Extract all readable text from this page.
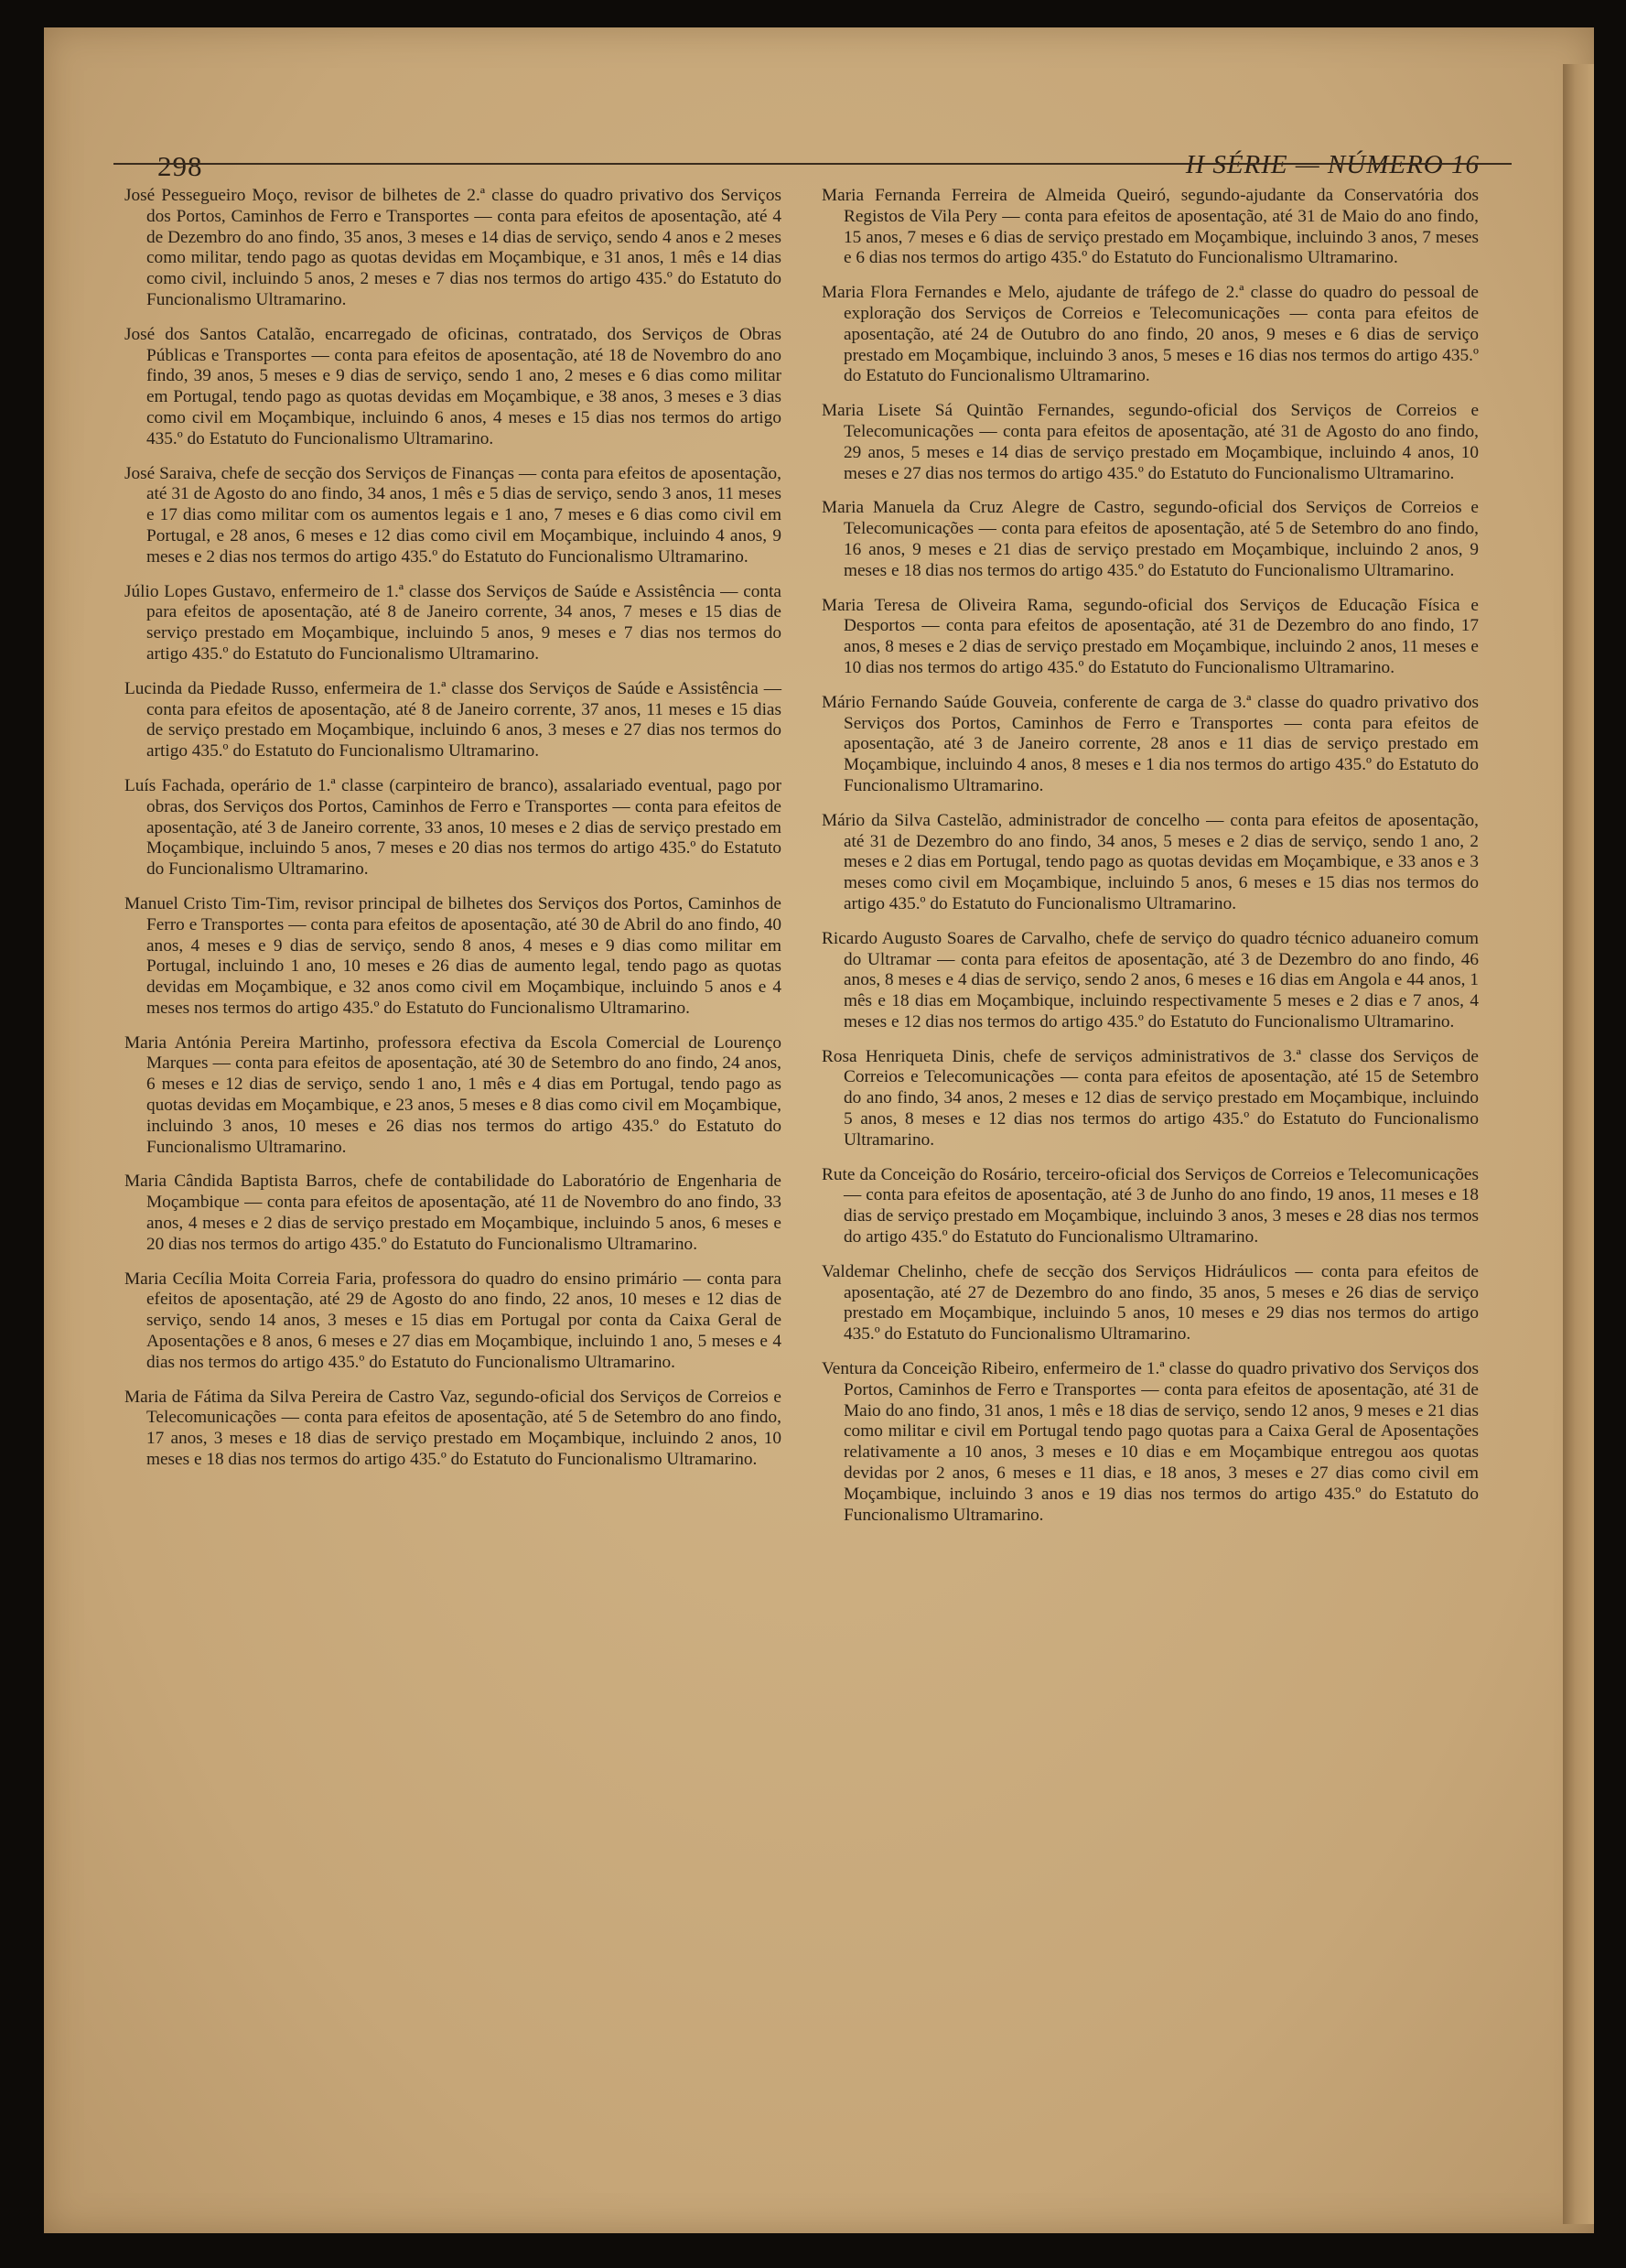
298	II SÉRIE — NÚMERO 16

José Pessegueiro Moço, revisor de bilhetes de 2.ª classe do quadro privativo dos Serviços dos Portos, Caminhos de Ferro e Transportes — conta para efeitos de aposentação, até 4 de Dezembro do ano findo, 35 anos, 3 meses e 14 dias de serviço, sendo 4 anos e 2 meses como militar, tendo pago as quotas devidas em Moçambique, e 31 anos, 1 mês e 14 dias como civil, incluindo 5 anos, 2 meses e 7 dias nos termos do artigo 435.º do Estatuto do Funcionalismo Ultramarino.

José dos Santos Catalão, encarregado de oficinas, contratado, dos Serviços de Obras Públicas e Transportes — conta para efeitos de aposentação, até 18 de Novembro do ano findo, 39 anos, 5 meses e 9 dias de serviço, sendo 1 ano, 2 meses e 6 dias como militar em Portugal, tendo pago as quotas devidas em Moçambique, e 38 anos, 3 meses e 3 dias como civil em Moçambique, incluindo 6 anos, 4 meses e 15 dias nos termos do artigo 435.º do Estatuto do Funcionalismo Ultramarino.

José Saraiva, chefe de secção dos Serviços de Finanças — conta para efeitos de aposentação, até 31 de Agosto do ano findo, 34 anos, 1 mês e 5 dias de serviço, sendo 3 anos, 11 meses e 17 dias como militar com os aumentos legais e 1 ano, 7 meses e 6 dias como civil em Portugal, e 28 anos, 6 meses e 12 dias como civil em Moçambique, incluindo 4 anos, 9 meses e 2 dias nos termos do artigo 435.º do Estatuto do Funcionalismo Ultramarino.

Júlio Lopes Gustavo, enfermeiro de 1.ª classe dos Serviços de Saúde e Assistência — conta para efeitos de aposentação, até 8 de Janeiro corrente, 34 anos, 7 meses e 15 dias de serviço prestado em Moçambique, incluindo 5 anos, 9 meses e 7 dias nos termos do artigo 435.º do Estatuto do Funcionalismo Ultramarino.

Lucinda da Piedade Russo, enfermeira de 1.ª classe dos Serviços de Saúde e Assistência — conta para efeitos de aposentação, até 8 de Janeiro corrente, 37 anos, 11 meses e 15 dias de serviço prestado em Moçambique, incluindo 6 anos, 3 meses e 27 dias nos termos do artigo 435.º do Estatuto do Funcionalismo Ultramarino.

Luís Fachada, operário de 1.ª classe (carpinteiro de branco), assalariado eventual, pago por obras, dos Serviços dos Portos, Caminhos de Ferro e Transportes — conta para efeitos de aposentação, até 3 de Janeiro corrente, 33 anos, 10 meses e 2 dias de serviço prestado em Moçambique, incluindo 5 anos, 7 meses e 20 dias nos termos do artigo 435.º do Estatuto do Funcionalismo Ultramarino.

Manuel Cristo Tim-Tim, revisor principal de bilhetes dos Serviços dos Portos, Caminhos de Ferro e Transportes — conta para efeitos de aposentação, até 30 de Abril do ano findo, 40 anos, 4 meses e 9 dias de serviço, sendo 8 anos, 4 meses e 9 dias como militar em Portugal, incluindo 1 ano, 10 meses e 26 dias de aumento legal, tendo pago as quotas devidas em Moçambique, e 32 anos como civil em Moçambique, incluindo 5 anos e 4 meses nos termos do artigo 435.º do Estatuto do Funcionalismo Ultramarino.

Maria Antónia Pereira Martinho, professora efectiva da Escola Comercial de Lourenço Marques — conta para efeitos de aposentação, até 30 de Setembro do ano findo, 24 anos, 6 meses e 12 dias de serviço, sendo 1 ano, 1 mês e 4 dias em Portugal, tendo pago as quotas devidas em Moçambique, e 23 anos, 5 meses e 8 dias como civil em Moçambique, incluindo 3 anos, 10 meses e 26 dias nos termos do artigo 435.º do Estatuto do Funcionalismo Ultramarino.

Maria Cândida Baptista Barros, chefe de contabilidade do Laboratório de Engenharia de Moçambique — conta para efeitos de aposentação, até 11 de Novembro do ano findo, 33 anos, 4 meses e 2 dias de serviço prestado em Moçambique, incluindo 5 anos, 6 meses e 20 dias nos termos do artigo 435.º do Estatuto do Funcionalismo Ultramarino.

Maria Cecília Moita Correia Faria, professora do quadro do ensino primário — conta para efeitos de aposentação, até 29 de Agosto do ano findo, 22 anos, 10 meses e 12 dias de serviço, sendo 14 anos, 3 meses e 15 dias em Portugal por conta da Caixa Geral de Aposentações e 8 anos, 6 meses e 27 dias em Moçambique, incluindo 1 ano, 5 meses e 4 dias nos termos do artigo 435.º do Estatuto do Funcionalismo Ultramarino.

Maria de Fátima da Silva Pereira de Castro Vaz, segundo-oficial dos Serviços de Correios e Telecomunicações — conta para efeitos de aposentação, até 5 de Setembro do ano findo, 17 anos, 3 meses e 18 dias de serviço prestado em Moçambique, incluindo 2 anos, 10 meses e 18 dias nos termos do artigo 435.º do Estatuto do Funcionalismo Ultramarino.

Maria Fernanda Ferreira de Almeida Queiró, segundo-ajudante da Conservatória dos Registos de Vila Pery — conta para efeitos de aposentação, até 31 de Maio do ano findo, 15 anos, 7 meses e 6 dias de serviço prestado em Moçambique, incluindo 3 anos, 7 meses e 6 dias nos termos do artigo 435.º do Estatuto do Funcionalismo Ultramarino.

Maria Flora Fernandes e Melo, ajudante de tráfego de 2.ª classe do quadro do pessoal de exploração dos Serviços de Correios e Telecomunicações — conta para efeitos de aposentação, até 24 de Outubro do ano findo, 20 anos, 9 meses e 6 dias de serviço prestado em Moçambique, incluindo 3 anos, 5 meses e 16 dias nos termos do artigo 435.º do Estatuto do Funcionalismo Ultramarino.

Maria Lisete Sá Quintão Fernandes, segundo-oficial dos Serviços de Correios e Telecomunicações — conta para efeitos de aposentação, até 31 de Agosto do ano findo, 29 anos, 5 meses e 14 dias de serviço prestado em Moçambique, incluindo 4 anos, 10 meses e 27 dias nos termos do artigo 435.º do Estatuto do Funcionalismo Ultramarino.

Maria Manuela da Cruz Alegre de Castro, segundo-oficial dos Serviços de Correios e Telecomunicações — conta para efeitos de aposentação, até 5 de Setembro do ano findo, 16 anos, 9 meses e 21 dias de serviço prestado em Moçambique, incluindo 2 anos, 9 meses e 18 dias nos termos do artigo 435.º do Estatuto do Funcionalismo Ultramarino.

Maria Teresa de Oliveira Rama, segundo-oficial dos Serviços de Educação Física e Desportos — conta para efeitos de aposentação, até 31 de Dezembro do ano findo, 17 anos, 8 meses e 2 dias de serviço prestado em Moçambique, incluindo 2 anos, 11 meses e 10 dias nos termos do artigo 435.º do Estatuto do Funcionalismo Ultramarino.

Mário Fernando Saúde Gouveia, conferente de carga de 3.ª classe do quadro privativo dos Serviços dos Portos, Caminhos de Ferro e Transportes — conta para efeitos de aposentação, até 3 de Janeiro corrente, 28 anos e 11 dias de serviço prestado em Moçambique, incluindo 4 anos, 8 meses e 1 dia nos termos do artigo 435.º do Estatuto do Funcionalismo Ultramarino.

Mário da Silva Castelão, administrador de concelho — conta para efeitos de aposentação, até 31 de Dezembro do ano findo, 34 anos, 5 meses e 2 dias de serviço, sendo 1 ano, 2 meses e 2 dias em Portugal, tendo pago as quotas devidas em Moçambique, e 33 anos e 3 meses como civil em Moçambique, incluindo 5 anos, 6 meses e 15 dias nos termos do artigo 435.º do Estatuto do Funcionalismo Ultramarino.

Ricardo Augusto Soares de Carvalho, chefe de serviço do quadro técnico aduaneiro comum do Ultramar — conta para efeitos de aposentação, até 3 de Dezembro do ano findo, 46 anos, 8 meses e 4 dias de serviço, sendo 2 anos, 6 meses e 16 dias em Angola e 44 anos, 1 mês e 18 dias em Moçambique, incluindo respectivamente 5 meses e 2 dias e 7 anos, 4 meses e 12 dias nos termos do artigo 435.º do Estatuto do Funcionalismo Ultramarino.

Rosa Henriqueta Dinis, chefe de serviços administrativos de 3.ª classe dos Serviços de Correios e Telecomunicações — conta para efeitos de aposentação, até 15 de Setembro do ano findo, 34 anos, 2 meses e 12 dias de serviço prestado em Moçambique, incluindo 5 anos, 8 meses e 12 dias nos termos do artigo 435.º do Estatuto do Funcionalismo Ultramarino.

Rute da Conceição do Rosário, terceiro-oficial dos Serviços de Correios e Telecomunicações — conta para efeitos de aposentação, até 3 de Junho do ano findo, 19 anos, 11 meses e 18 dias de serviço prestado em Moçambique, incluindo 3 anos, 3 meses e 28 dias nos termos do artigo 435.º do Estatuto do Funcionalismo Ultramarino.

Valdemar Chelinho, chefe de secção dos Serviços Hidráulicos — conta para efeitos de aposentação, até 27 de Dezembro do ano findo, 35 anos, 5 meses e 26 dias de serviço prestado em Moçambique, incluindo 5 anos, 10 meses e 29 dias nos termos do artigo 435.º do Estatuto do Funcionalismo Ultramarino.

Ventura da Conceição Ribeiro, enfermeiro de 1.ª classe do quadro privativo dos Serviços dos Portos, Caminhos de Ferro e Transportes — conta para efeitos de aposentação, até 31 de Maio do ano findo, 31 anos, 1 mês e 18 dias de serviço, sendo 12 anos, 9 meses e 21 dias como militar e civil em Portugal tendo pago quotas para a Caixa Geral de Aposentações relativamente a 10 anos, 3 meses e 10 dias e em Moçambique entregou aos quotas devidas por 2 anos, 6 meses e 11 dias, e 18 anos, 3 meses e 27 dias como civil em Moçambique, incluindo 3 anos e 19 dias nos termos do artigo 435.º do Estatuto do Funcionalismo Ultramarino.
